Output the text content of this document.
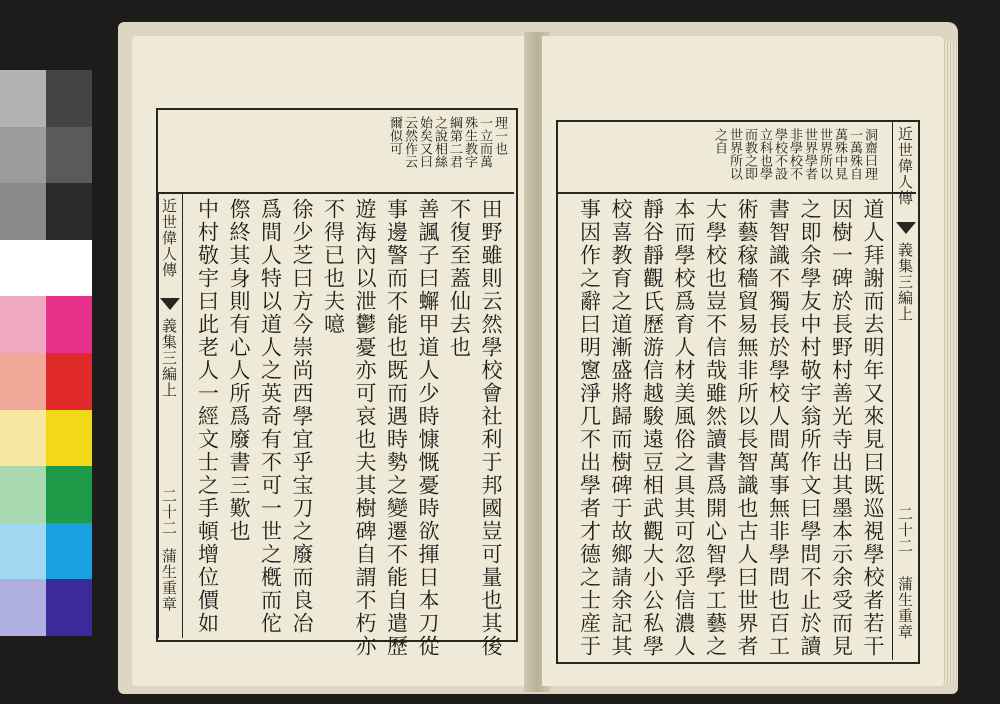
理一也
一立而萬
殊生教字
綱第二君
之說相絲
始矣又曰
云然作云
爾似可
近世偉人傳
義集三編上
二十二
蒲生重章	田野雖則云然學校會社利于邦國豈可量也其後
不復至蓋仙去也
善諷子曰蠏甲道人少時慷慨憂時欲揮日本刀從
事邊警而不能也既而遇時勢之變遷不能自遣歷
遊海內以泄鬱憂亦可哀也夫其樹碑自謂不朽亦
不得已也夫噫
徐少芝曰方今崇尚西學宜乎宝刀之廢而良冶
爲間人特以道人之英奇有不可一世之槪而佗
傺終其身則有心人所爲廢書三歎也
中村敬宇曰此老人一經文士之手頓增位價如
洞齋曰理
一萬殊自
萬殊中見
世界所以
世界學者
非學校不
學校不設
立科也學
而教之即
世界所以
之自	近世偉人傳
義集三編上
二十二
蒲生重章
道人拜謝而去明年又來見曰既巡視學校者若干
因樹一碑於長野村善光寺出其墨本示余受而見
之即余學友中村敬宇翁所作文曰學問不止於讀
書智識不獨長於學校人間萬事無非學問也百工
術藝稼穡貿易無非所以長智識也古人曰世界者
大學校也豈不信哉雖然讀書爲開心智學工藝之
本而學校爲育人材美風俗之具其可忽乎信濃人
靜谷靜觀氏歷游信越駿遠豆相武觀大小公私學
校喜教育之道漸盛將歸而樹碑于故鄉請余記其
事因作之辭曰明窻淨几不出學者才德之士産于
